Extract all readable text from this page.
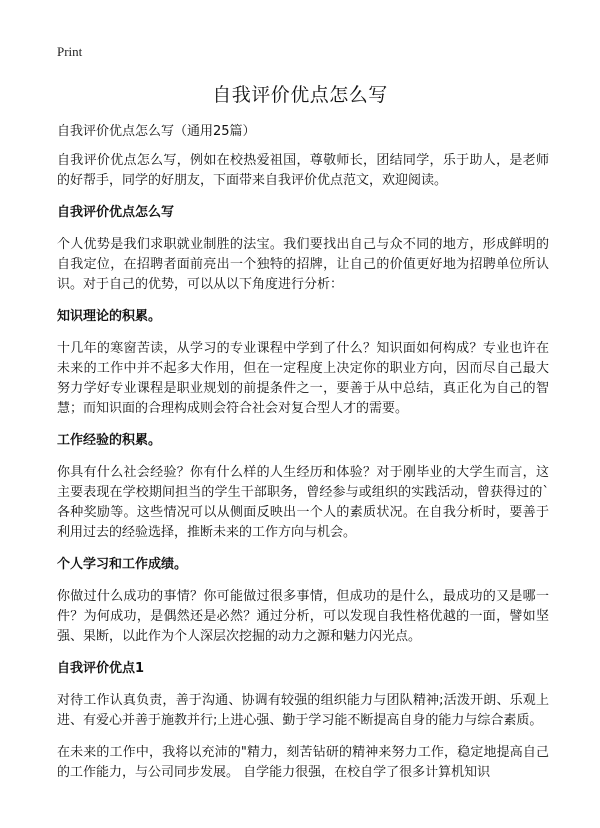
Print
自我评价优点怎么写

自我评价优点怎么写（通用25篇）

自我评价优点怎么写，例如在校热爱祖国，尊敬师长，团结同学，乐于助人，是老师的好帮手，同学的好朋友，下面带来自我评价优点范文，欢迎阅读。

自我评价优点怎么写

个人优势是我们求职就业制胜的法宝。我们要找出自己与众不同的地方，形成鲜明的自我定位，在招聘者面前亮出一个独特的招牌，让自己的价值更好地为招聘单位所认识。对于自己的优势，可以从以下角度进行分析：

知识理论的积累。

十几年的寒窗苦读，从学习的专业课程中学到了什么？知识面如何构成？专业也许在未来的工作中并不起多大作用，但在一定程度上决定你的职业方向，因而尽自己最大努力学好专业课程是职业规划的前提条件之一，要善于从中总结，真正化为自己的智慧；而知识面的合理构成则会符合社会对复合型人才的需要。

工作经验的积累。

你具有什么社会经验？你有什么样的人生经历和体验？对于刚毕业的大学生而言，这主要表现在学校期间担当的学生干部职务，曾经参与或组织的实践活动，曾获得过的`各种奖励等。这些情况可以从侧面反映出一个人的素质状况。在自我分析时，要善于利用过去的经验选择，推断未来的工作方向与机会。

个人学习和工作成绩。

你做过什么成功的事情？你可能做过很多事情，但成功的是什么，最成功的又是哪一件？为何成功，是偶然还是必然？通过分析，可以发现自我性格优越的一面，譬如坚强、果断，以此作为个人深层次挖掘的动力之源和魅力闪光点。

自我评价优点1

对待工作认真负责，善于沟通、协调有较强的组织能力与团队精神;活泼开朗、乐观上进、有爱心并善于施教并行;上进心强、勤于学习能不断提高自身的能力与综合素质。

在未来的工作中，我将以充沛的"精力，刻苦钻研的精神来努力工作，稳定地提高自己的工作能力，与公司同步发展。 自学能力很强，在校自学了很多计算机知识
